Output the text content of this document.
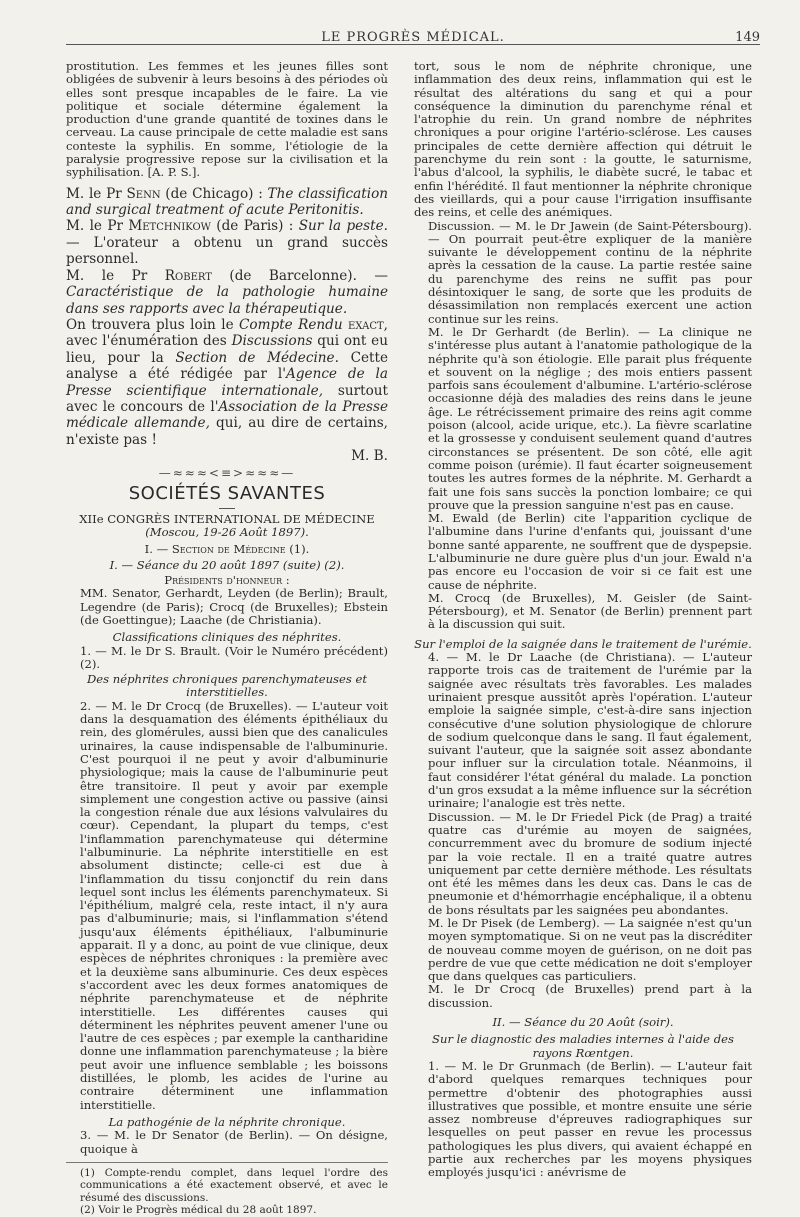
LE PROGRÈS MÉDICAL.	149

prostitution. Les femmes et les jeunes filles sont obligées de subvenir à leurs besoins à des périodes où elles sont presque incapables de le faire. La vie politique et sociale détermine également la production d'une grande quantité de toxines dans le cerveau. La cause principale de cette maladie est sans conteste la syphilis. En somme, l'étiologie de la paralysie progressive repose sur la civilisation et la syphilisation. [A. P. S.].

M. le Pr Senn (de Chicago) : The classification and surgical treatment of acute Peritonitis.

M. le Pr Metchnikow (de Paris) : Sur la peste. — L'orateur a obtenu un grand succès personnel.

M. le Pr Robert (de Barcelonne). — Caractéristique de la pathologie humaine dans ses rapports avec la thérapeutique.

On trouvera plus loin le Compte Rendu exact, avec l'énumération des Discussions qui ont eu lieu, pour la Section de Médecine. Cette analyse a été rédigée par l'Agence de la Presse scientifique internationale, surtout avec le concours de l'Association de la Presse médicale allemande, qui, au dire de certains, n'existe pas !

M. B.

—≈≈≈<≡>≈≈≈—
SOCIÉTÉS SAVANTES

XIIe CONGRÈS INTERNATIONAL DE MÉDECINE

(Moscou, 19-26 Août 1897).

I. — Section de Médecine (1).

I. — Séance du 20 août 1897 (suite) (2).

Présidents d'honneur :

MM. Senator, Gerhardt, Leyden (de Berlin); Brault, Legendre (de Paris); Crocq (de Bruxelles); Ebstein (de Goettingue); Laache (de Christiania).

Classifications cliniques des néphrites.

1. — M. le Dr S. Brault. (Voir le Numéro précédent) (2).

Des néphrites chroniques parenchymateuses et interstitielles.

2. — M. le Dr Crocq (de Bruxelles). — L'auteur voit dans la desquamation des éléments épithéliaux du rein, des glomérules, aussi bien que des canalicules urinaires, la cause indispensable de l'albuminurie. C'est pourquoi il ne peut y avoir d'albuminurie physiologique; mais la cause de l'albuminurie peut être transitoire. Il peut y avoir par exemple simplement une congestion active ou passive (ainsi la congestion rénale due aux lésions valvulaires du cœur). Cependant, la plupart du temps, c'est l'inflammation parenchymateuse qui détermine l'albuminurie. La néphrite interstitielle en est absolument distincte; celle-ci est due à l'inflammation du tissu conjonctif du rein dans lequel sont inclus les éléments parenchymateux. Si l'épithélium, malgré cela, reste intact, il n'y aura pas d'albuminurie; mais, si l'inflammation s'étend jusqu'aux éléments épithéliaux, l'albuminurie apparait. Il y a donc, au point de vue clinique, deux espèces de néphrites chroniques : la première avec et la deuxième sans albuminurie. Ces deux espèces s'accordent avec les deux formes anatomiques de néphrite parenchymateuse et de néphrite interstitielle. Les différentes causes qui déterminent les néphrites peuvent amener l'une ou l'autre de ces espèces ; par exemple la cantharidine donne une inflammation parenchymateuse ; la bière peut avoir une influence semblable ; les boissons distillées, le plomb, les acides de l'urine au contraire déterminent une inflammation interstitielle.

La pathogénie de la néphrite chronique.

3. — M. le Dr Senator (de Berlin). — On désigne, quoique à

(1) Compte-rendu complet, dans lequel l'ordre des communications a été exactement observé, et avec le résumé des discussions.

(2) Voir le Progrès médical du 28 août 1897.

tort, sous le nom de néphrite chronique, une inflammation des deux reins, inflammation qui est le résultat des altérations du sang et qui a pour conséquence la diminution du parenchyme rénal et l'atrophie du rein. Un grand nombre de néphrites chroniques a pour origine l'artério-sclérose. Les causes principales de cette dernière affection qui détruit le parenchyme du rein sont : la goutte, le saturnisme, l'abus d'alcool, la syphilis, le diabète sucré, le tabac et enfin l'hérédité. Il faut mentionner la néphrite chronique des vieillards, qui a pour cause l'irrigation insuffisante des reins, et celle des anémiques.

Discussion. — M. le Dr Jawein (de Saint-Pétersbourg). — On pourrait peut-être expliquer de la manière suivante le développement continu de la néphrite après la cessation de la cause. La partie restée saine du parenchyme des reins ne suffit pas pour désintoxiquer le sang, de sorte que les produits de désassimilation non remplacés exercent une action continue sur les reins.

M. le Dr Gerhardt (de Berlin). — La clinique ne s'intéresse plus autant à l'anatomie pathologique de la néphrite qu'à son étiologie. Elle parait plus fréquente et souvent on la néglige ; des mois entiers passent parfois sans écoulement d'albumine. L'artério-sclérose occasionne déjà des maladies des reins dans le jeune âge. Le rétrécissement primaire des reins agit comme poison (alcool, acide urique, etc.). La fièvre scarlatine et la grossesse y conduisent seulement quand d'autres circonstances se présentent. De son côté, elle agit comme poison (urémie). Il faut écarter soigneusement toutes les autres formes de la néphrite. M. Gerhardt a fait une fois sans succès la ponction lombaire; ce qui prouve que la pression sanguine n'est pas en cause.

M. Ewald (de Berlin) cite l'apparition cyclique de l'albumine dans l'urine d'enfants qui, jouissant d'une bonne santé apparente, ne souffrent que de dyspepsie. L'albuminurie ne dure guère plus d'un jour. Ewald n'a pas encore eu l'occasion de voir si ce fait est une cause de néphrite.

M. Crocq (de Bruxelles), M. Geisler (de Saint-Pétersbourg), et M. Senator (de Berlin) prennent part à la discussion qui suit.

Sur l'emploi de la saignée dans le traitement de l'urémie.

4. — M. le Dr Laache (de Christiana). — L'auteur rapporte trois cas de traitement de l'urémie par la saignée avec résultats très favorables. Les malades urinaient presque aussitôt après l'opération. L'auteur emploie la saignée simple, c'est-à-dire sans injection consécutive d'une solution physiologique de chlorure de sodium quelconque dans le sang. Il faut également, suivant l'auteur, que la saignée soit assez abondante pour influer sur la circulation totale. Néanmoins, il faut considérer l'état général du malade. La ponction d'un gros exsudat a la même influence sur la sécrétion urinaire; l'analogie est très nette.

Discussion. — M. le Dr Friedel Pick (de Prag) a traité quatre cas d'urémie au moyen de saignées, concurremment avec du bromure de sodium injecté par la voie rectale. Il en a traité quatre autres uniquement par cette dernière méthode. Les résultats ont été les mêmes dans les deux cas. Dans le cas de pneumonie et d'hémorrhagie encéphalique, il a obtenu de bons résultats par les saignées peu abondantes.

M. le Dr Pisek (de Lemberg). — La saignée n'est qu'un moyen symptomatique. Si on ne veut pas la discréditer de nouveau comme moyen de guérison, on ne doit pas perdre de vue que cette médication ne doit s'employer que dans quelques cas particuliers.

M. le Dr Crocq (de Bruxelles) prend part à la discussion.

II. — Séance du 20 Août (soir).

Sur le diagnostic des maladies internes à l'aide des rayons Rœntgen.

1. — M. le Dr Grunmach (de Berlin). — L'auteur fait d'abord quelques remarques techniques pour permettre d'obtenir des photographies aussi illustratives que possible, et montre ensuite une série assez nombreuse d'épreuves radiographiques sur lesquelles on peut passer en revue les processus pathologiques les plus divers, qui avaient échappé en partie aux recherches par les moyens physiques employés jusqu'ici : anévrisme de
